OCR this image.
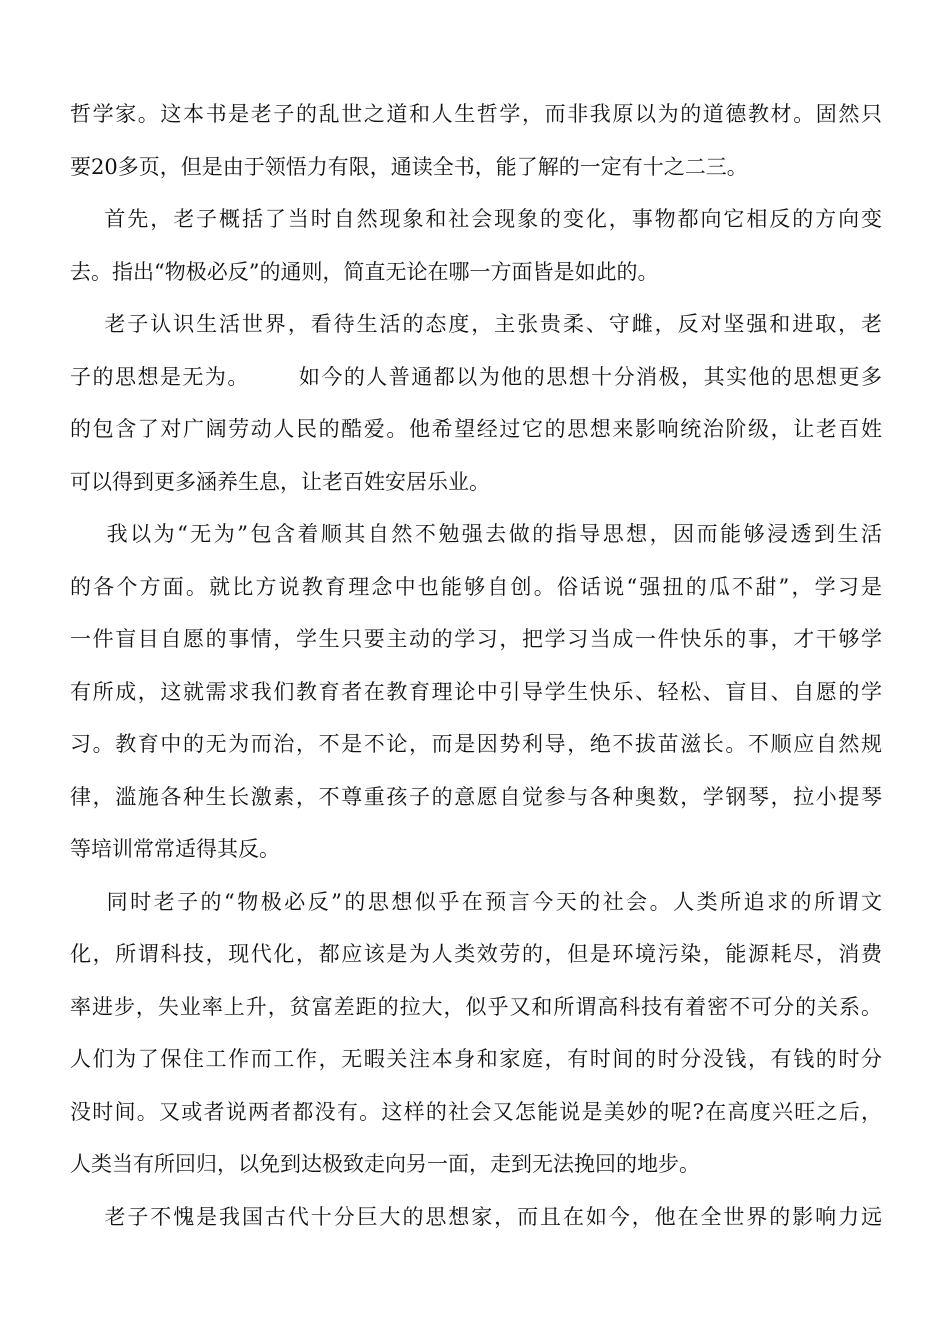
哲学家。这本书是老子的乱世之道和人生哲学，而非我原以为的道德教材。固然只
要20多页，但是由于领悟力有限，通读全书，能了解的一定有十之二三。
首先，老子概括了当时自然现象和社会现象的变化，事物都向它相反的方向变
去。指出“物极必反”的通则，简直无论在哪一方面皆是如此的。
老子认识生活世界，看待生活的态度，主张贵柔、守雌，反对坚强和进取，老
子的思想是无为。      如今的人普通都以为他的思想十分消极，其实他的思想更多
的包含了对广阔劳动人民的酷爱。他希望经过它的思想来影响统治阶级，让老百姓
可以得到更多涵养生息，让老百姓安居乐业。
我以为“无为”包含着顺其自然不勉强去做的指导思想，因而能够浸透到生活
的各个方面。就比方说教育理念中也能够自创。俗话说“强扭的瓜不甜”，学习是
一件盲目自愿的事情，学生只要主动的学习，把学习当成一件快乐的事，才干够学
有所成，这就需求我们教育者在教育理论中引导学生快乐、轻松、盲目、自愿的学
习。教育中的无为而治，不是不论，而是因势利导，绝不拔苗滋长。不顺应自然规
律，滥施各种生长激素，不尊重孩子的意愿自觉参与各种奥数，学钢琴，拉小提琴
等培训常常适得其反。
同时老子的“物极必反”的思想似乎在预言今天的社会。人类所追求的所谓文
化，所谓科技，现代化，都应该是为人类效劳的，但是环境污染，能源耗尽，消费
率进步，失业率上升，贫富差距的拉大，似乎又和所谓高科技有着密不可分的关系。
人们为了保住工作而工作，无暇关注本身和家庭，有时间的时分没钱，有钱的时分
没时间。又或者说两者都没有。这样的社会又怎能说是美妙的呢?在高度兴旺之后，
人类当有所回归，以免到达极致走向另一面，走到无法挽回的地步。
老子不愧是我国古代十分巨大的思想家，而且在如今，他在全世界的影响力远
